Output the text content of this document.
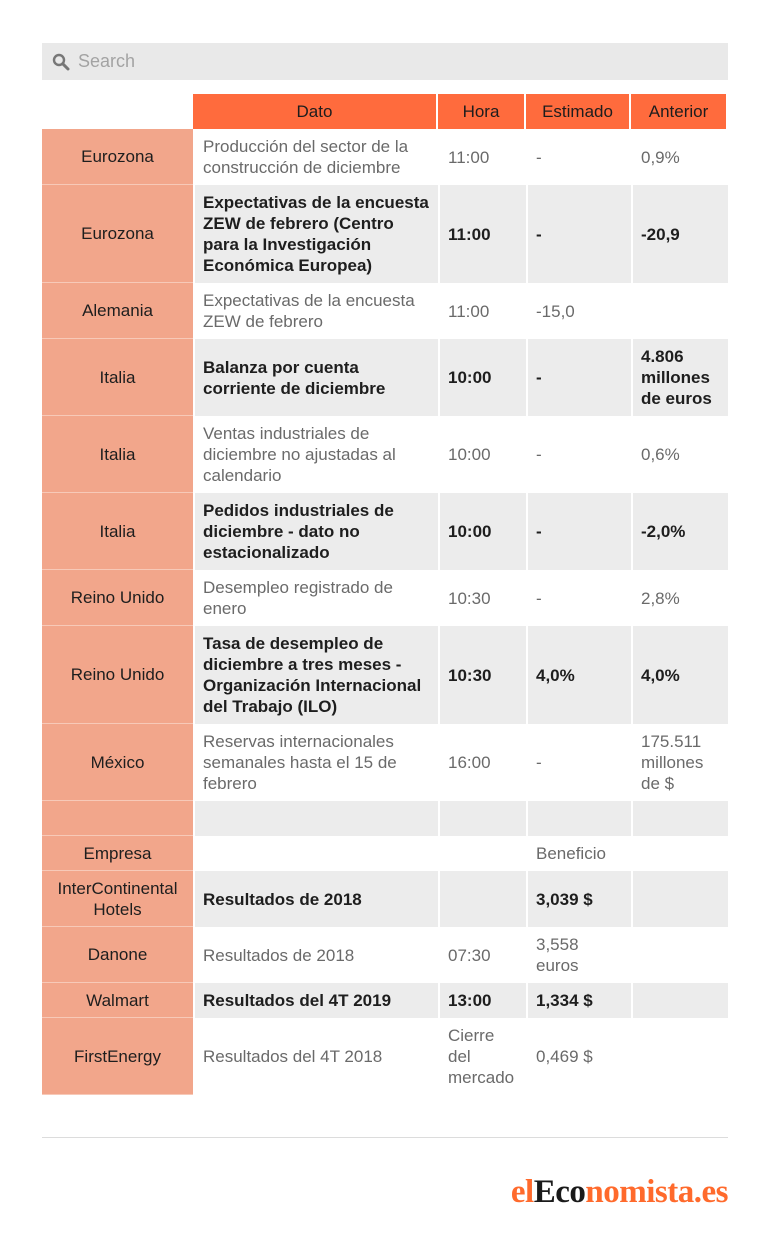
Search
	Dato	Hora	Estimado	Anterior
Eurozona	Producción del sector de la construcción de diciembre	11:00	-	0,9%
Eurozona	Expectativas de la encuesta ZEW de febrero (Centro para la Investigación Económica Europea)	11:00	-	-20,9
Alemania	Expectativas de la encuesta ZEW de febrero	11:00	-15,0	
Italia	Balanza por cuenta corriente de diciembre	10:00	-	4.806 millones de euros
Italia	Ventas industriales de diciembre no ajustadas al calendario	10:00	-	0,6%
Italia	Pedidos industriales de diciembre - dato no estacionalizado	10:00	-	-2,0%
Reino Unido	Desempleo registrado de enero	10:30	-	2,8%
Reino Unido	Tasa de desempleo de diciembre a tres meses - Organización Internacional del Trabajo (ILO)	10:30	4,0%	4,0%
México	Reservas internacionales semanales hasta el 15 de febrero	16:00	-	175.511 millones de $

Empresa			Beneficio	
InterContinental Hotels	Resultados de 2018		3,039 $	
Danone	Resultados de 2018	07:30	3,558 euros	
Walmart	Resultados del 4T 2019	13:00	1,334 $	
FirstEnergy	Resultados del 4T 2018	Cierre del mercado	0,469 $	
elEconomista.es
